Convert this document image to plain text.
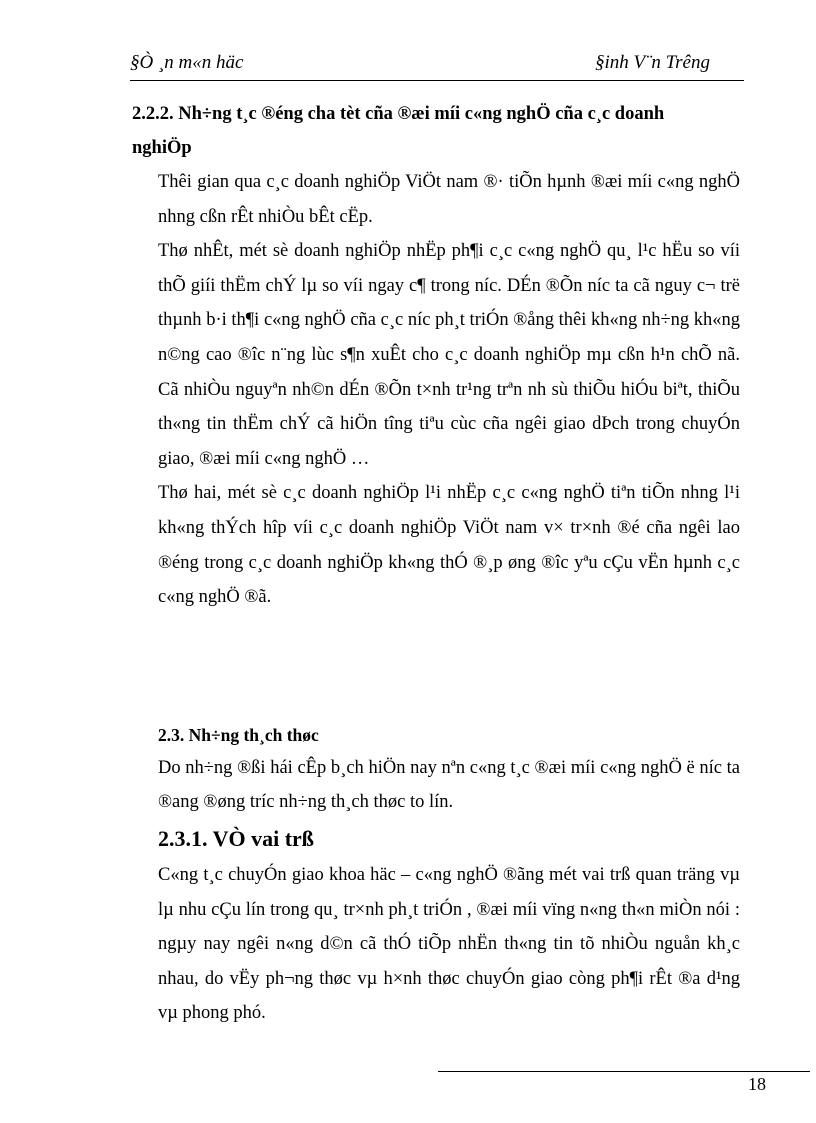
§Ò ¸n m«n häc	§inh V¨n Trêng

2.2.2. Nh÷ng t¸c ®éng cha tèt cña ®æi míi c«ng nghÖ cña c¸c doanh
nghiÖp

Thêi gian qua c¸c doanh nghiÖp ViÖt nam ®· tiÕn hµnh ®æi míi c«ng nghÖ nhng cßn rÊt nhiÒu bÊt cËp.

Thø nhÊt, mét sè doanh nghiÖp nhËp ph¶i c¸c c«ng nghÖ qu¸ l¹c hËu so víi thÕ giíi thËm chÝ lµ so víi ngay c¶ trong níc. DÉn ®Õn níc ta cã nguy c¬ trë thµnh b·i th¶i c«ng nghÖ cña c¸c níc ph¸t triÓn ®ång thêi kh«ng nh÷ng kh«ng n©ng cao ®îc n¨ng lùc s¶n xuÊt cho c¸c doanh nghiÖp mµ cßn h¹n chÕ nã. Cã nhiÒu nguyªn nh©n dÉn ®Õn t×nh tr¹ng trªn nh sù thiÕu hiÓu biªt, thiÕu th«ng tin thËm chÝ cã hiÖn tîng tiªu cùc cña ngêi giao dÞch trong chuyÓn giao, ®æi míi c«ng nghÖ …

Thø hai, mét sè c¸c doanh nghiÖp l¹i nhËp c¸c c«ng nghÖ tiªn tiÕn nhng l¹i kh«ng thÝch hîp víi c¸c doanh nghiÖp ViÖt nam v× tr×nh ®é cña ngêi lao ®éng trong c¸c doanh nghiÖp kh«ng thÓ ®¸p øng ®îc yªu cÇu vËn hµnh c¸c c«ng nghÖ ®ã.

2.3. Nh÷ng th¸ch thøc

Do nh÷ng ®ßi hái cÊp b¸ch hiÖn nay nªn c«ng t¸c ®æi míi c«ng nghÖ ë níc ta ®ang ®øng tríc nh÷ng th¸ch thøc to lín.

2.3.1. VÒ vai trß

C«ng t¸c chuyÓn giao khoa häc – c«ng nghÖ ®ãng mét vai trß quan träng vµ lµ nhu cÇu lín trong qu¸ tr×nh ph¸t triÓn , ®æi míi vïng n«ng th«n miÒn nói : ngµy nay ngêi n«ng d©n cã thÓ tiÕp nhËn th«ng tin tõ nhiÒu nguån kh¸c nhau, do vËy ph¬ng thøc vµ h×nh thøc chuyÓn giao còng ph¶i rÊt ®a d¹ng vµ phong phó.

18
